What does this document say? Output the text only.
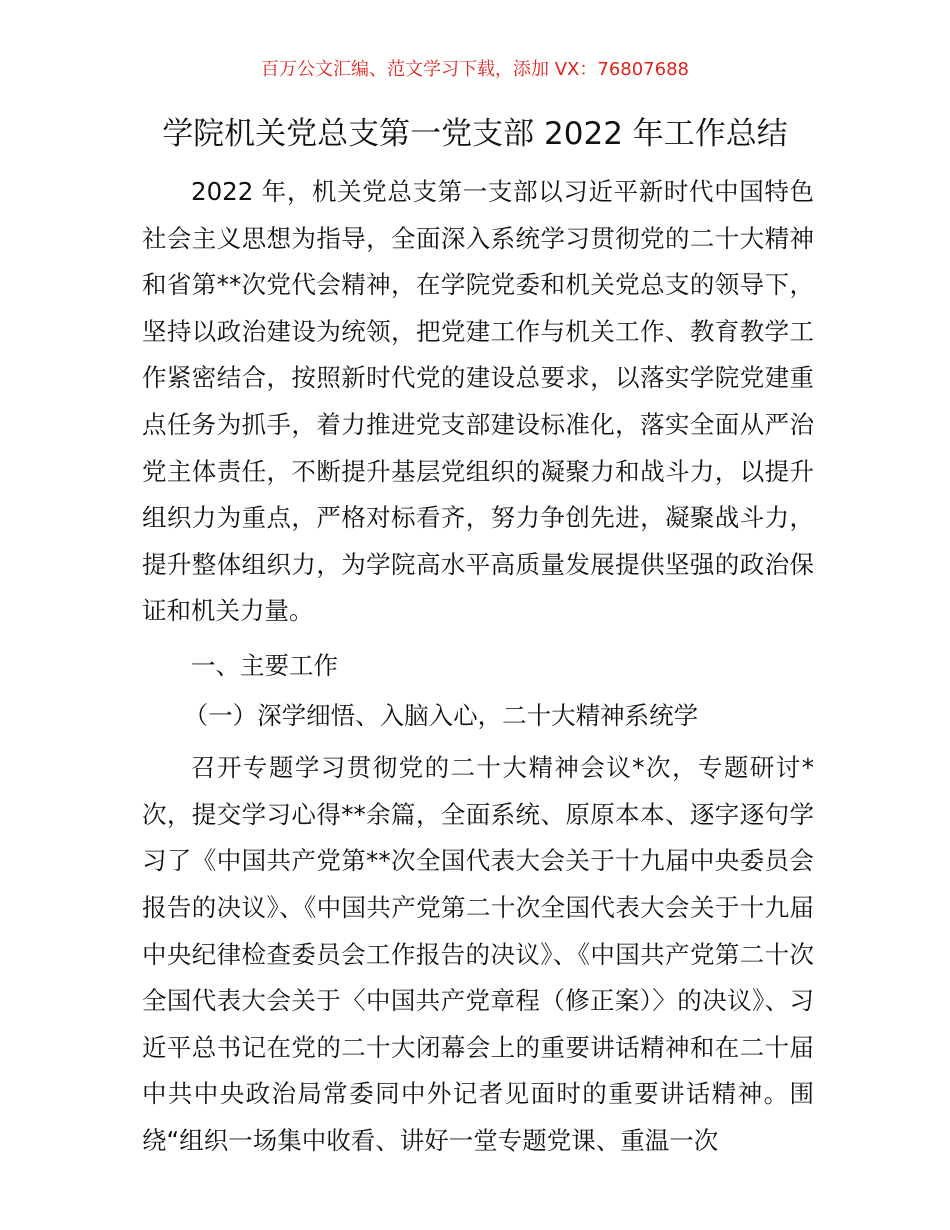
百万公文汇编、范文学习下载，添加 VX：76807688
学院机关党总支第一党支部 2022 年工作总结

2022 年，机关党总支第一支部以习近平新时代中国特色社会主义思想为指导，全面深入系统学习贯彻党的二十大精神和省第**次党代会精神，在学院党委和机关党总支的领导下，坚持以政治建设为统领，把党建工作与机关工作、教育教学工作紧密结合，按照新时代党的建设总要求，以落实学院党建重点任务为抓手，着力推进党支部建设标准化，落实全面从严治党主体责任，不断提升基层党组织的凝聚力和战斗力，以提升组织力为重点，严格对标看齐，努力争创先进，凝聚战斗力，提升整体组织力，为学院高水平高质量发展提供坚强的政治保证和机关力量。

一、主要工作

（一）深学细悟、入脑入心，二十大精神系统学

召开专题学习贯彻党的二十大精神会议*次，专题研讨*次，提交学习心得**余篇，全面系统、原原本本、逐字逐句学习了《中国共产党第**次全国代表大会关于十九届中央委员会报告的决议》、《中国共产党第二十次全国代表大会关于十九届中央纪律检查委员会工作报告的决议》、《中国共产党第二十次全国代表大会关于〈中国共产党章程（修正案）〉的决议》、习近平总书记在党的二十大闭幕会上的重要讲话精神和在二十届中共中央政治局常委同中外记者见面时的重要讲话精神。围绕“组织一场集中收看、讲好一堂专题党课、重温一次
